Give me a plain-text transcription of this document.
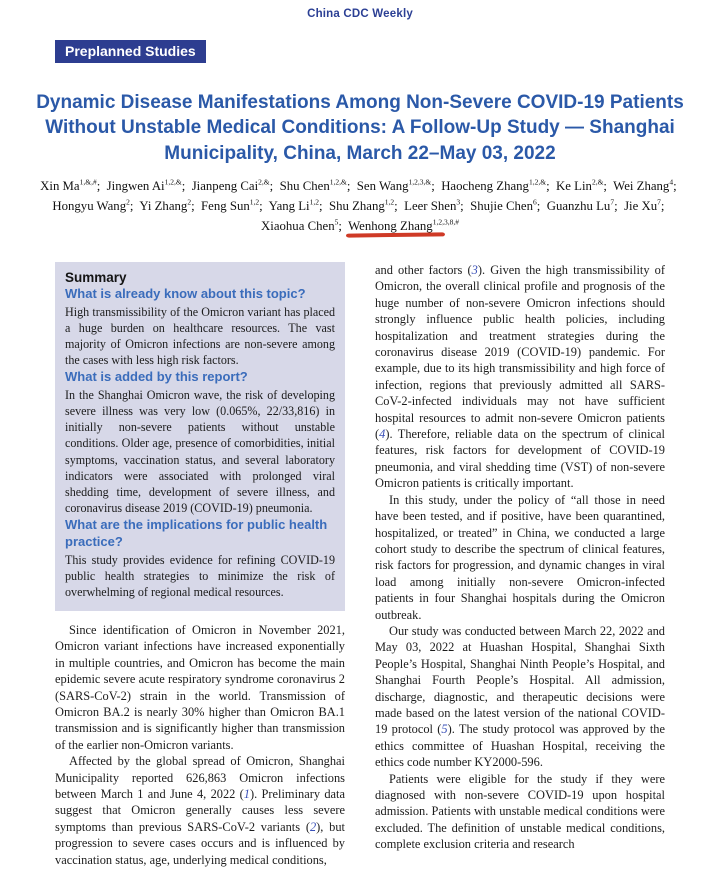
China CDC Weekly
Preplanned Studies
Dynamic Disease Manifestations Among Non-Severe COVID-19 Patients Without Unstable Medical Conditions: A Follow-Up Study — Shanghai Municipality, China, March 22–May 03, 2022
Xin $Ma^{1,\&,\#}$;  Jingwen $Ai^{1,2,\&}$;  Jianpeng Cai$^{2,\&}$;  Shu Chen$^{1,2,\&}$;  Sen Wang$^{1,2,3,\&}$;  Haocheng Zhang$^{1,2,\&}$;  Ke Lin$^{2,\&}$;  Wei Zhang$^4$;  Hongyu Wang$^2$;  Yi Zhang$^2$;  Feng Sun$^{1,2}$;  Yang Li$^{1,2}$;  Shu Zhang$^{1,2}$;  Leer Shen$^3$;  Shujie Chen$^6$;  Guanzhu Lu$^7$;  Jie Xu$^7$;  Xiaohua Chen$^5$;  Wenhong Zhang$^{1,2,3,8,\#}$
Summary
What is already know about this topic?

High transmissibility of the Omicron variant has placed a huge burden on healthcare resources. The vast majority of Omicron infections are non-severe among the cases with less high risk factors.

What is added by this report?

In the Shanghai Omicron wave, the risk of developing severe illness was very low (0.065%, 22/33,816) in initially non-severe patients without unstable conditions. Older age, presence of comorbidities, initial symptoms, vaccination status, and several laboratory indicators were associated with prolonged viral shedding time, development of severe illness, and coronavirus disease 2019 (COVID-19) pneumonia.

What are the implications for public health practice?

This study provides evidence for refining COVID-19 public health strategies to minimize the risk of overwhelming of regional medical resources.

Since identification of Omicron in November 2021, Omicron variant infections have increased exponentially in multiple countries, and Omicron has become the main epidemic severe acute respiratory syndrome coronavirus 2 (SARS-CoV-2) strain in the world. Transmission of Omicron BA.2 is nearly 30% higher than Omicron BA.1 transmission and is significantly higher than transmission of the earlier non-Omicron variants.

Affected by the global spread of Omicron, Shanghai Municipality reported 626,863 Omicron infections between March 1 and June 4, 2022 (1). Preliminary data suggest that Omicron generally causes less severe symptoms than previous SARS-CoV-2 variants (2), but progression to severe cases occurs and is influenced by vaccination status, age, underlying medical conditions,

and other factors (3). Given the high transmissibility of Omicron, the overall clinical profile and prognosis of the huge number of non-severe Omicron infections should strongly influence public health policies, including hospitalization and treatment strategies during the coronavirus disease 2019 (COVID-19) pandemic. For example, due to its high transmissibility and high force of infection, regions that previously admitted all SARS-CoV-2-infected individuals may not have sufficient hospital resources to admit non-severe Omicron patients (4). Therefore, reliable data on the spectrum of clinical features, risk factors for development of COVID-19 pneumonia, and viral shedding time (VST) of non-severe Omicron patients is critically important.

In this study, under the policy of “all those in need have been tested, and if positive, have been quarantined, hospitalized, or treated” in China, we conducted a large cohort study to describe the spectrum of clinical features, risk factors for progression, and dynamic changes in viral load among initially non-severe Omicron-infected patients in four Shanghai hospitals during the Omicron outbreak.

Our study was conducted between March 22, 2022 and May 03, 2022 at Huashan Hospital, Shanghai Sixth People’s Hospital, Shanghai Ninth People’s Hospital, and Shanghai Fourth People’s Hospital. All admission, discharge, diagnostic, and therapeutic decisions were made based on the latest version of the national COVID-19 protocol (5). The study protocol was approved by the ethics committee of Huashan Hospital, receiving the ethics code number KY2000-596.

Patients were eligible for the study if they were diagnosed with non-severe COVID-19 upon hospital admission. Patients with unstable medical conditions were excluded. The definition of unstable medical conditions, complete exclusion criteria and research
